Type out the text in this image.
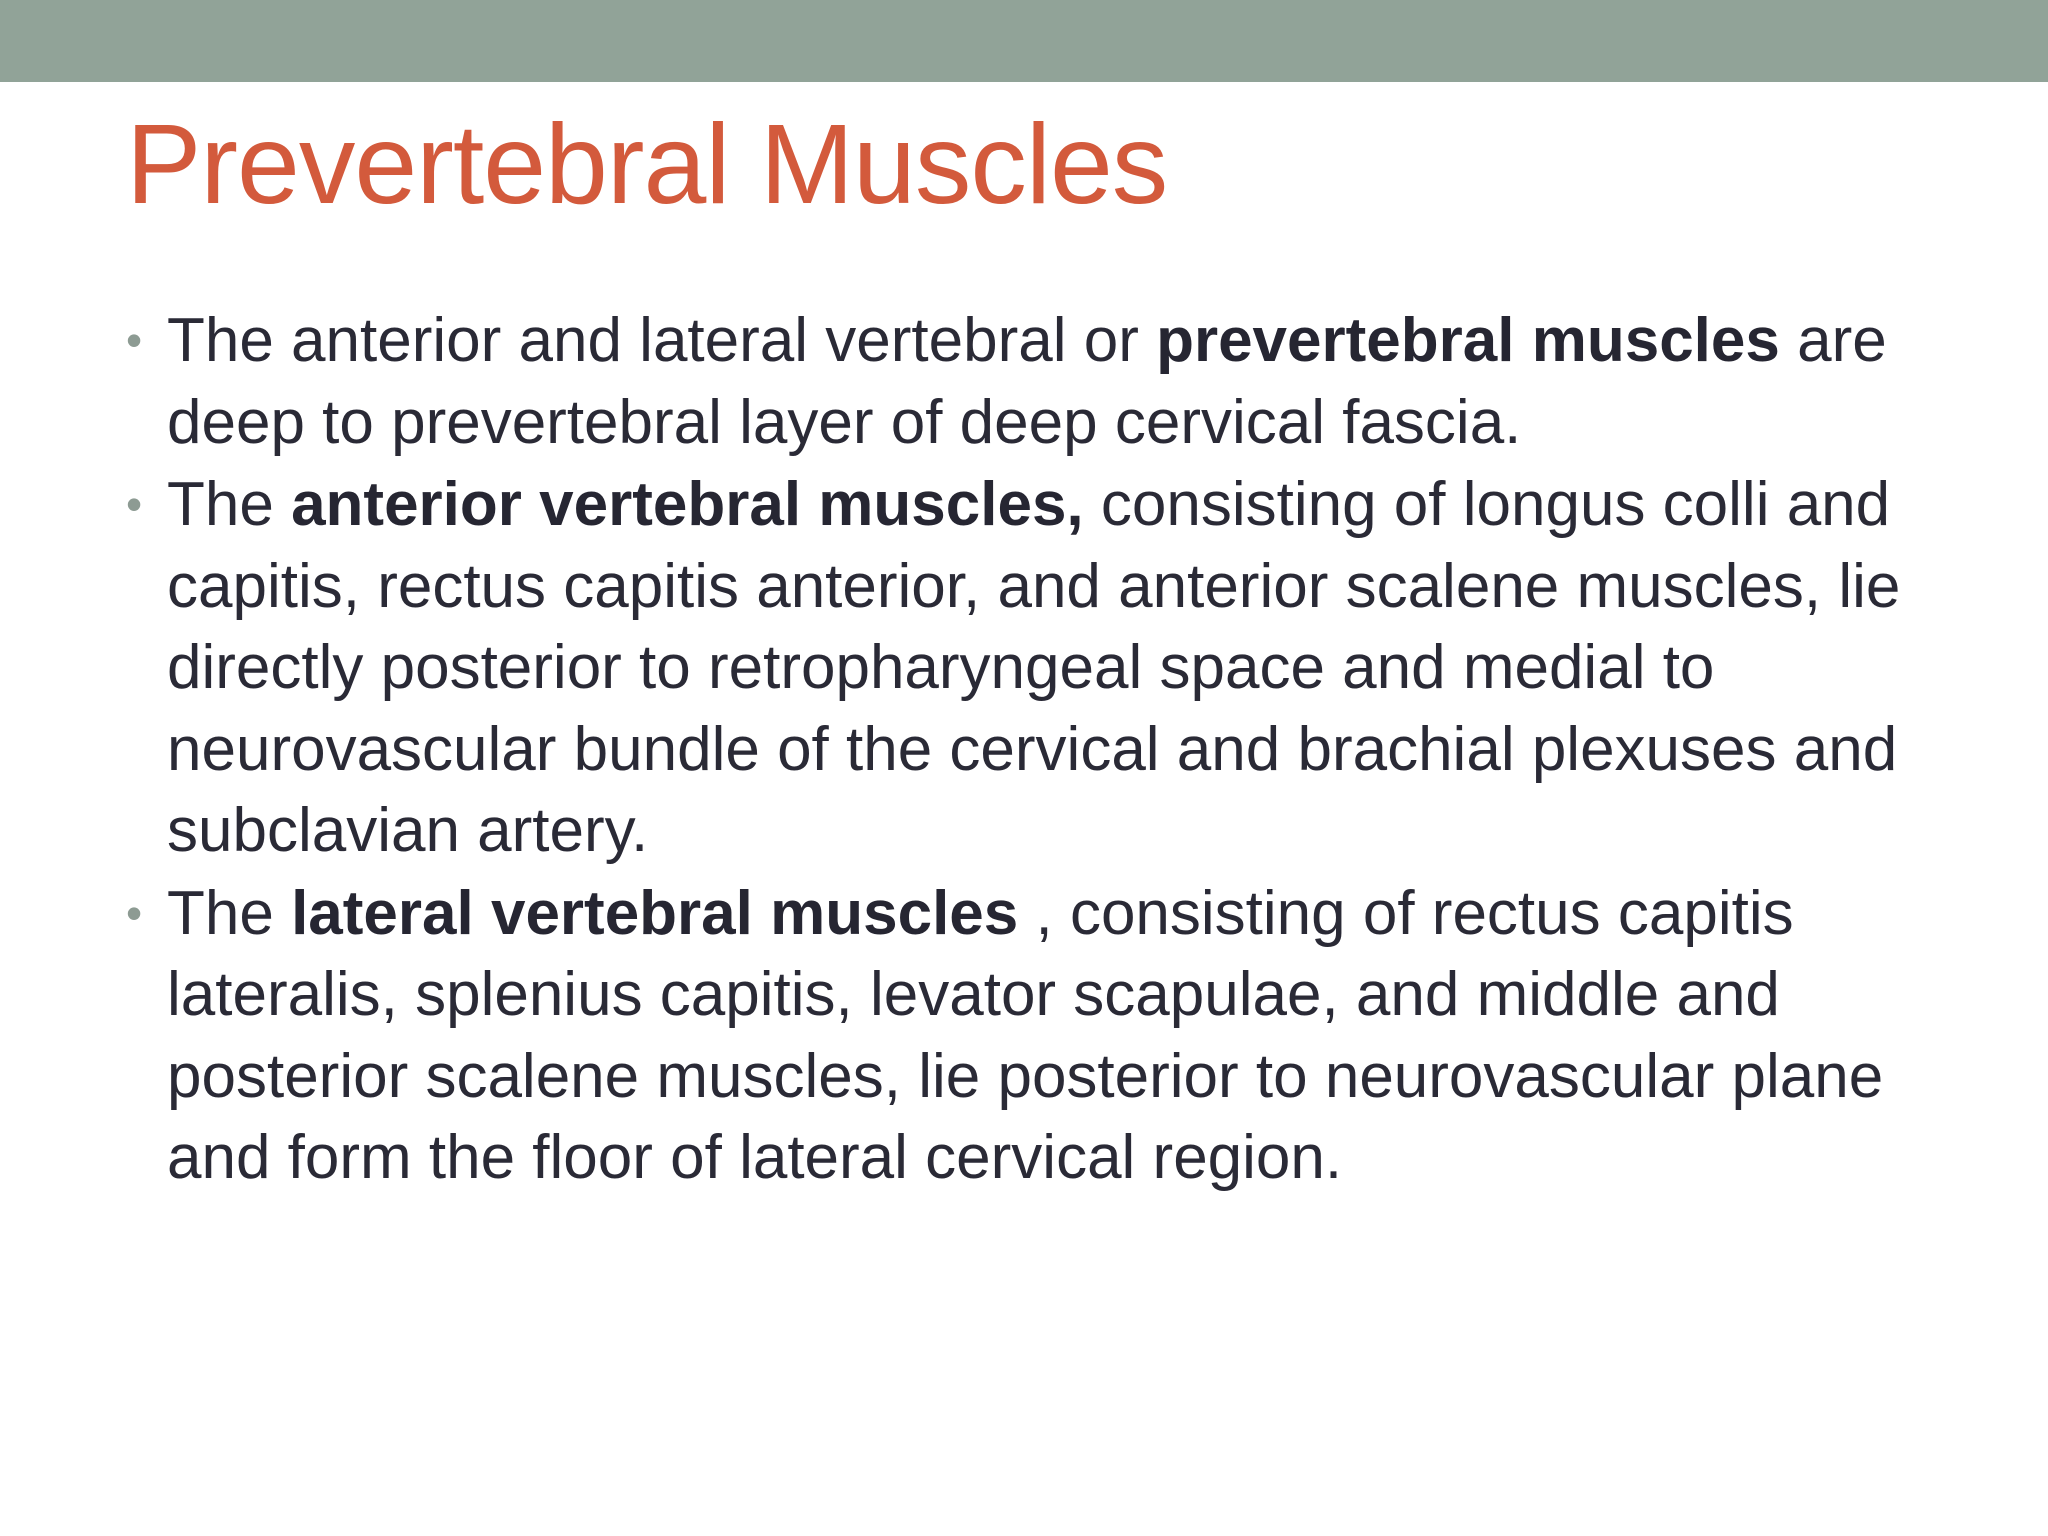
Prevertebral Muscles
• The anterior and lateral vertebral or prevertebral muscles are deep to prevertebral layer of deep cervical fascia.
• The anterior vertebral muscles, consisting of longus colli and capitis, rectus capitis anterior, and anterior scalene muscles, lie directly posterior to retropharyngeal space and medial to neurovascular bundle of the cervical and brachial plexuses and subclavian artery.
• The lateral vertebral muscles , consisting of rectus capitis lateralis, splenius capitis, levator scapulae, and middle and posterior scalene muscles, lie posterior to neurovascular plane and form the floor of lateral cervical region.
